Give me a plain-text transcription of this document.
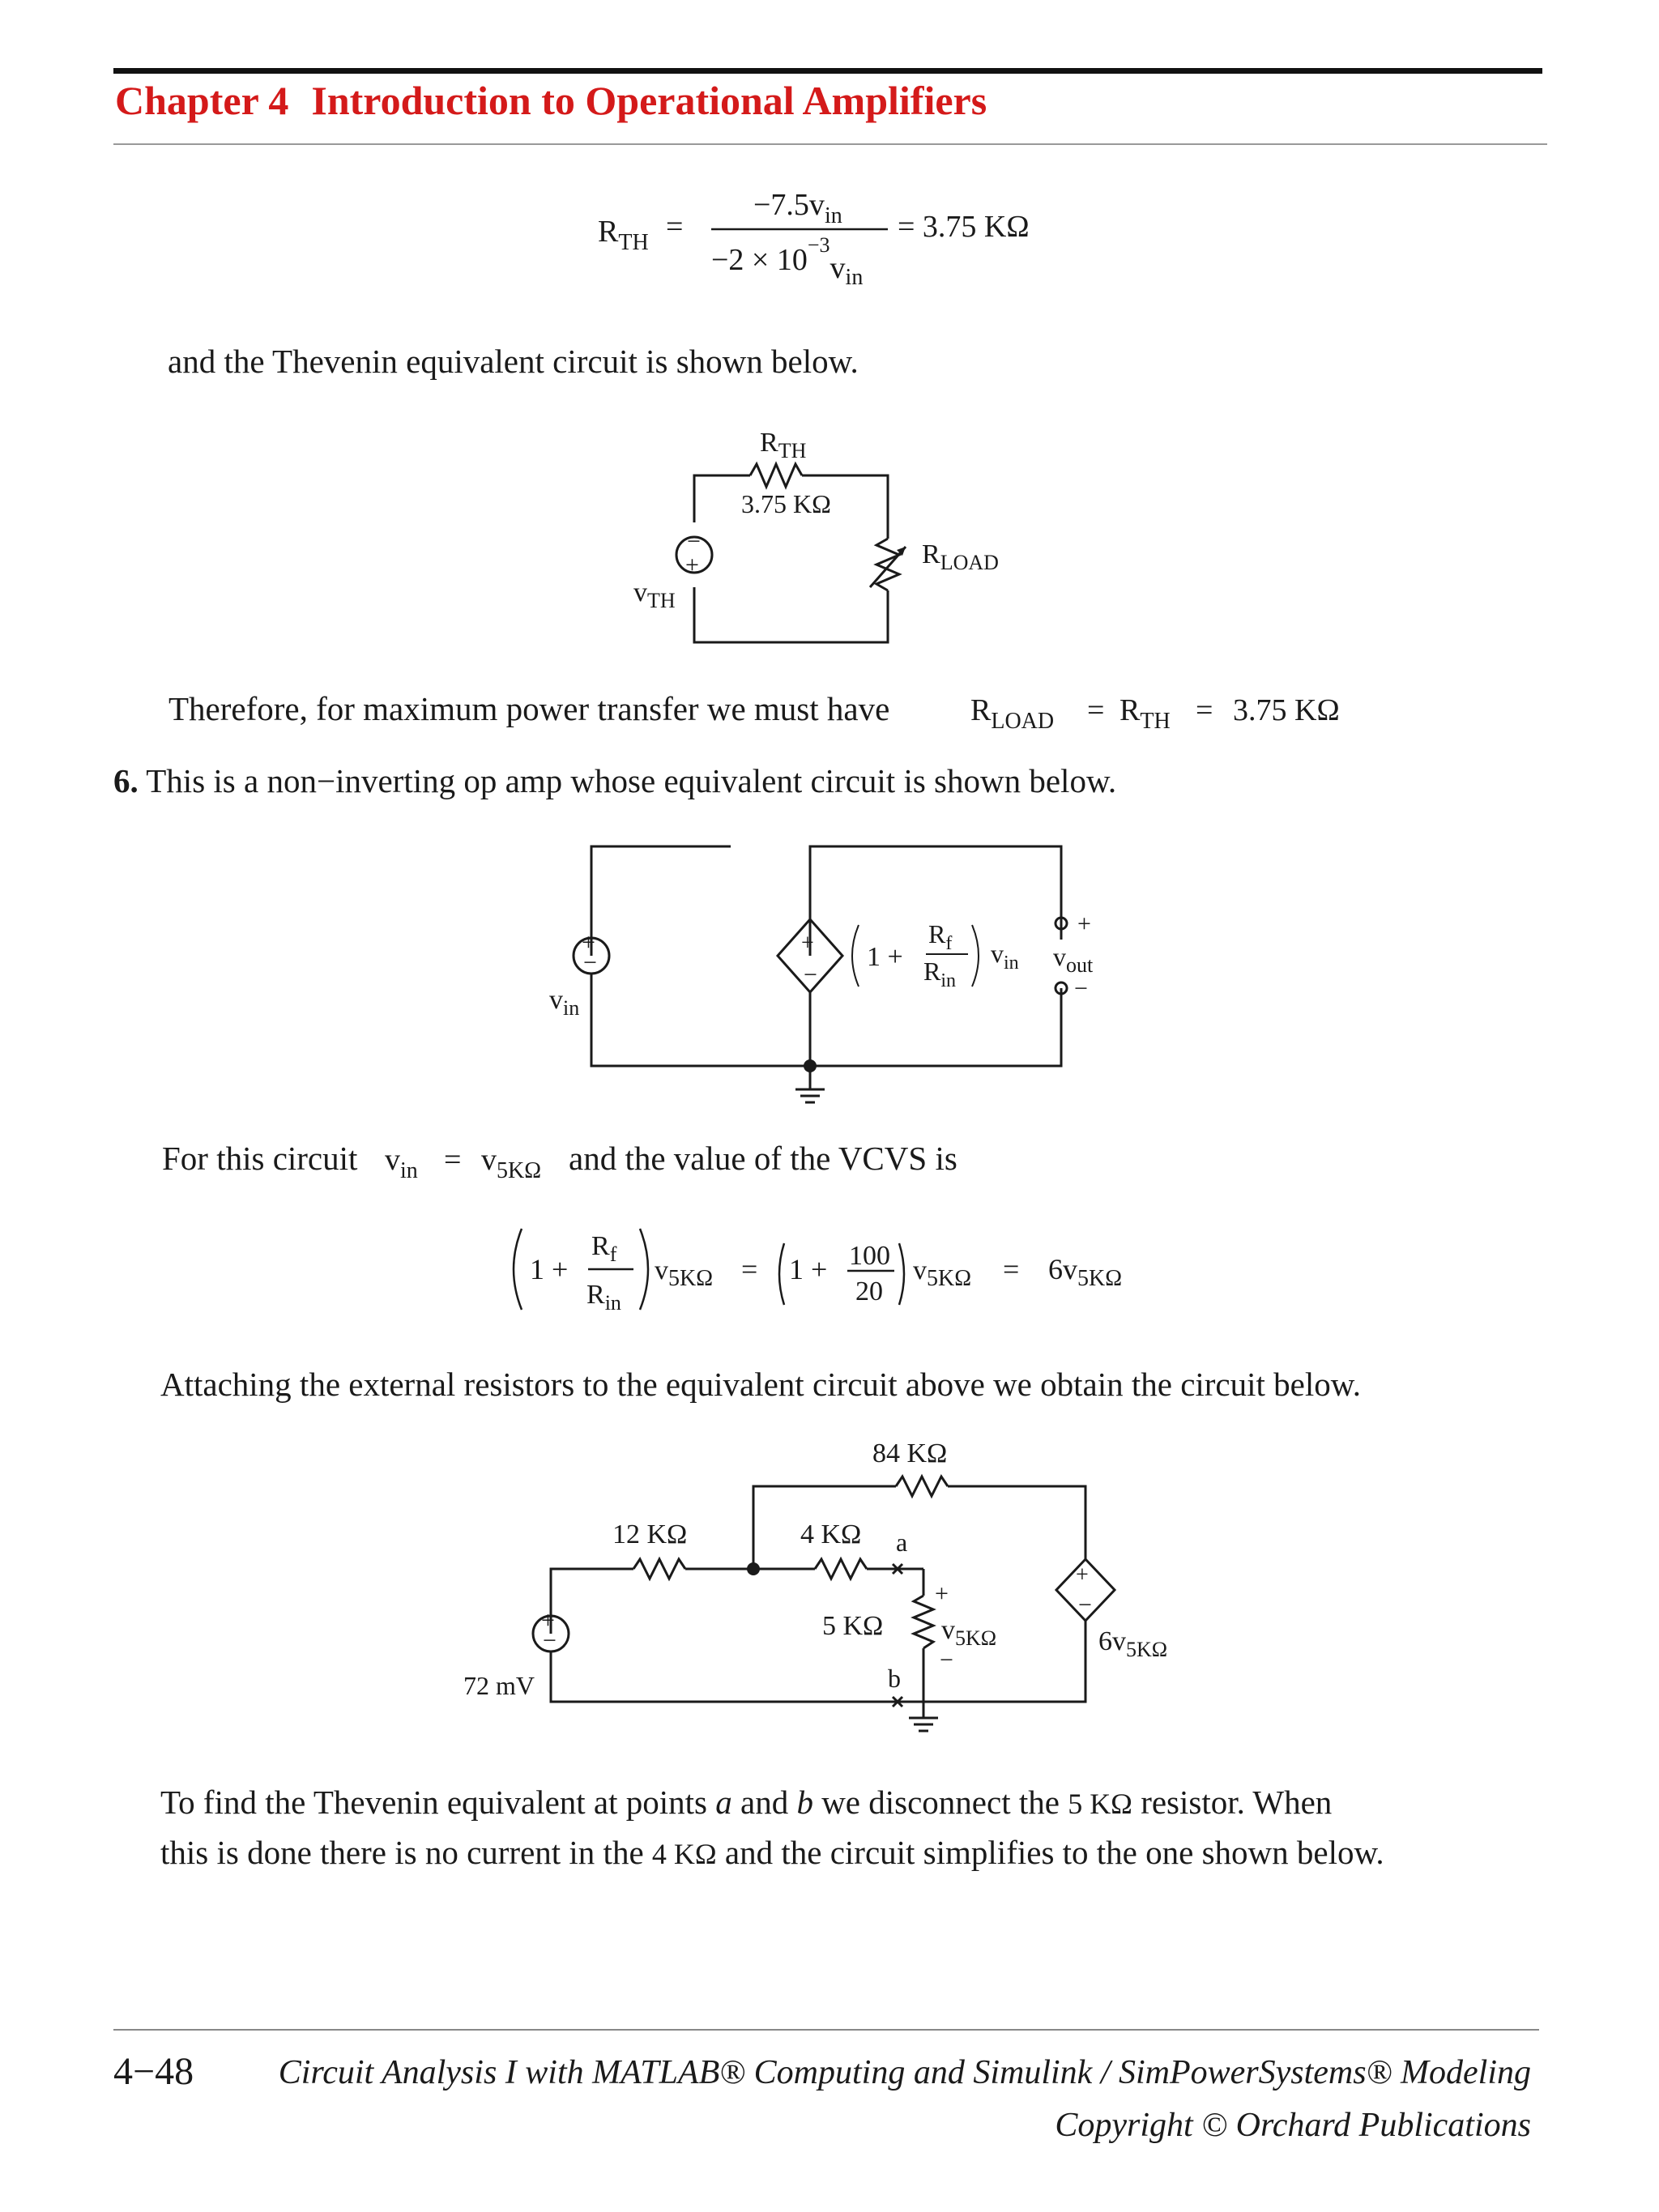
Chapter 4 Introduction to Operational Amplifiers
$R_{TH}$ =
$-7.5v_{in}$
$-2 \times 10^{-3}v_{in}$
= 3.75 KΩ
and the Thevenin equivalent circuit is shown below.
−
+
$R_{TH}$
3.75 KΩ
$R_{LOAD}$
$v_{TH}$
Therefore, for maximum power transfer we must have	$R_{LOAD} = R_{TH} = 3.75$ KΩ
6. This is a non−inverting op amp whose equivalent circuit is shown below.
+
−
$v_{in}$
+
−
1 +
$R_f$
$R_{in}$
$v_{in}$
+
$v_{out}$
−
For this circuit $v_{in} = v_{5K\Omega}$ and the value of the VCVS is
1 +
$R_f$
$R_{in}$
$v_{5K\Omega} = 1 + 100$
20
$v_{5K\Omega} = 6v_{5K\Omega}$
Attaching the external resistors to the equivalent circuit above we obtain the circuit below.
84 KΩ
12 KΩ	4 KΩ a
5 KΩ
b
+
$v_{5K\Omega}$
−
+
−
$6v_{5K\Omega}$
+
−
72 mV
To find the Thevenin equivalent at points a and b we disconnect the 5 KΩ resistor. When
this is done there is no current in the 4 KΩ and the circuit simplifies to the one shown below.
4−48 Circuit Analysis I with MATLAB® Computing and Simulink / SimPowerSystems® Modeling
Copyright © Orchard Publications
